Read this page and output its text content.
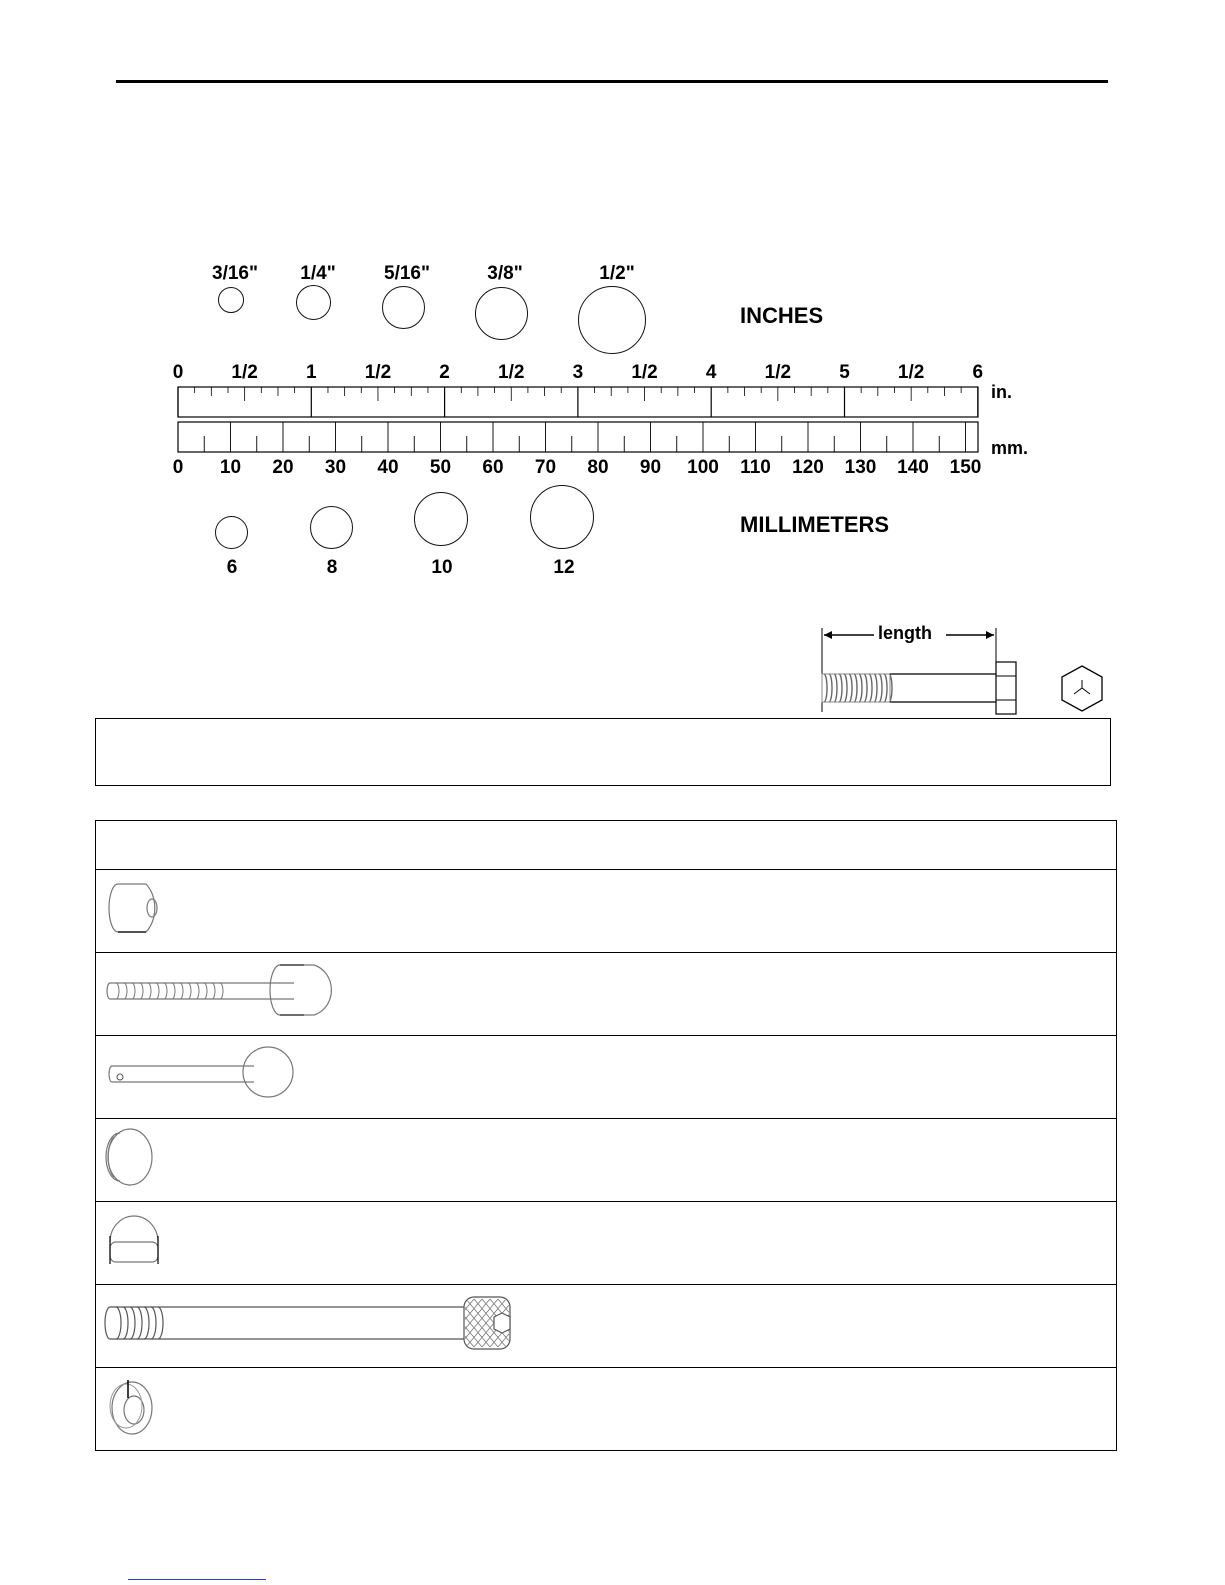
3/16" 1/4"	5/16"	3/8"	1/2"
INCHES
0	1/2	1	1/2	2	1/2	3	1/2	4	1/2	5	1/2	6
0 10 20 30 40 50 60 70 80 90 100 110 120 130 140 150
in.
mm.
6	8	10	12
MILLIMETERS
length
